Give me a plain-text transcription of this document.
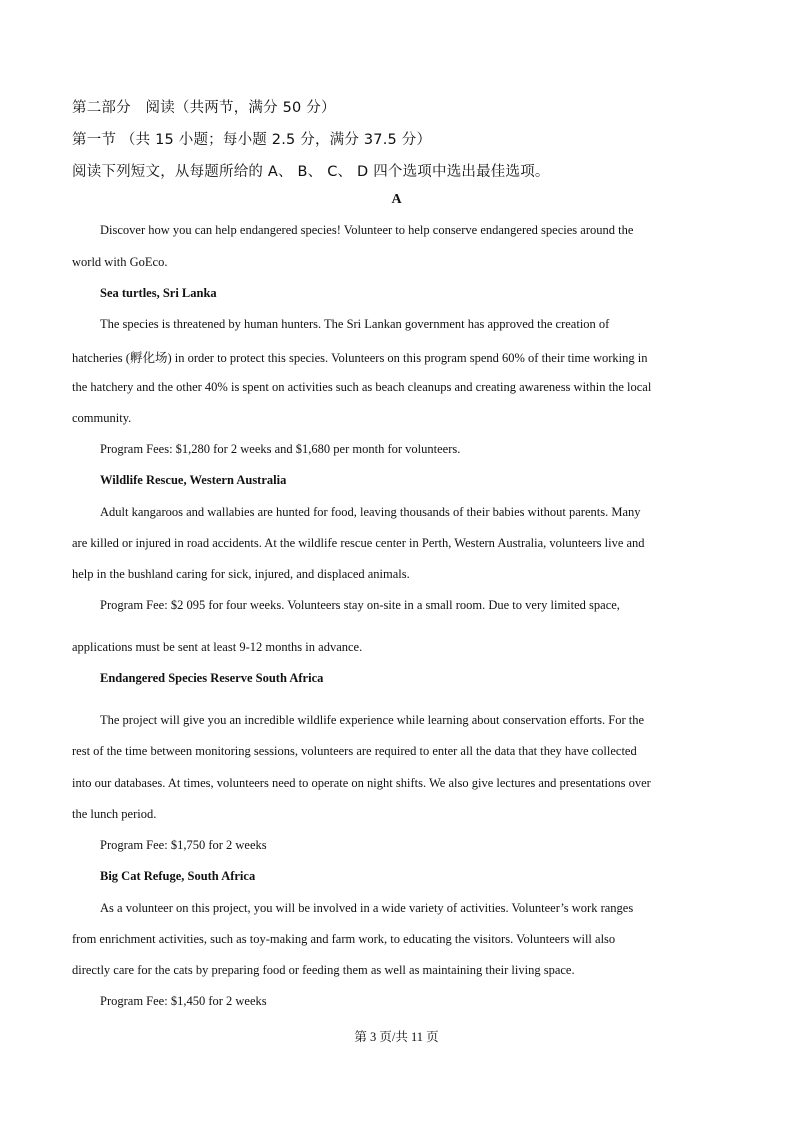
第二部分　阅读（共两节，满分 50 分）
第一节 （共 15 小题；每小题 2.5 分，满分 37.5 分）
阅读下列短文，从每题所给的 A、 B、 C、 D 四个选项中选出最佳选项。
A
Discover how you can help endangered species! Volunteer to help conserve endangered species around the
world with GoEco.
Sea turtles, Sri Lanka
The species is threatened by human hunters. The Sri Lankan government has approved the creation of
hatcheries (孵化场) in order to protect this species. Volunteers on this program spend 60% of their time working in
the hatchery and the other 40% is spent on activities such as beach cleanups and creating awareness within the local
community.
Program Fees: $1,280 for 2 weeks and $1,680 per month for volunteers.
Wildlife Rescue, Western Australia
Adult kangaroos and wallabies are hunted for food, leaving thousands of their babies without parents. Many
are killed or injured in road accidents. At the wildlife rescue center in Perth, Western Australia, volunteers live and
help in the bushland caring for sick, injured, and displaced animals.
Program Fee: $2 095 for four weeks. Volunteers stay on-site in a small room. Due to very limited space,
applications must be sent at least 9-12 months in advance.
Endangered Species Reserve South Africa
The project will give you an incredible wildlife experience while learning about conservation efforts. For the
rest of the time between monitoring sessions, volunteers are required to enter all the data that they have collected
into our databases. At times, volunteers need to operate on night shifts. We also give lectures and presentations over
the lunch period.
Program Fee: $1,750 for 2 weeks
Big Cat Refuge, South Africa
As a volunteer on this project, you will be involved in a wide variety of activities. Volunteer’s work ranges
from enrichment activities, such as toy-making and farm work, to educating the visitors. Volunteers will also
directly care for the cats by preparing food or feeding them as well as maintaining their living space.
Program Fee: $1,450 for 2 weeks
第 3 页/共 11 页
